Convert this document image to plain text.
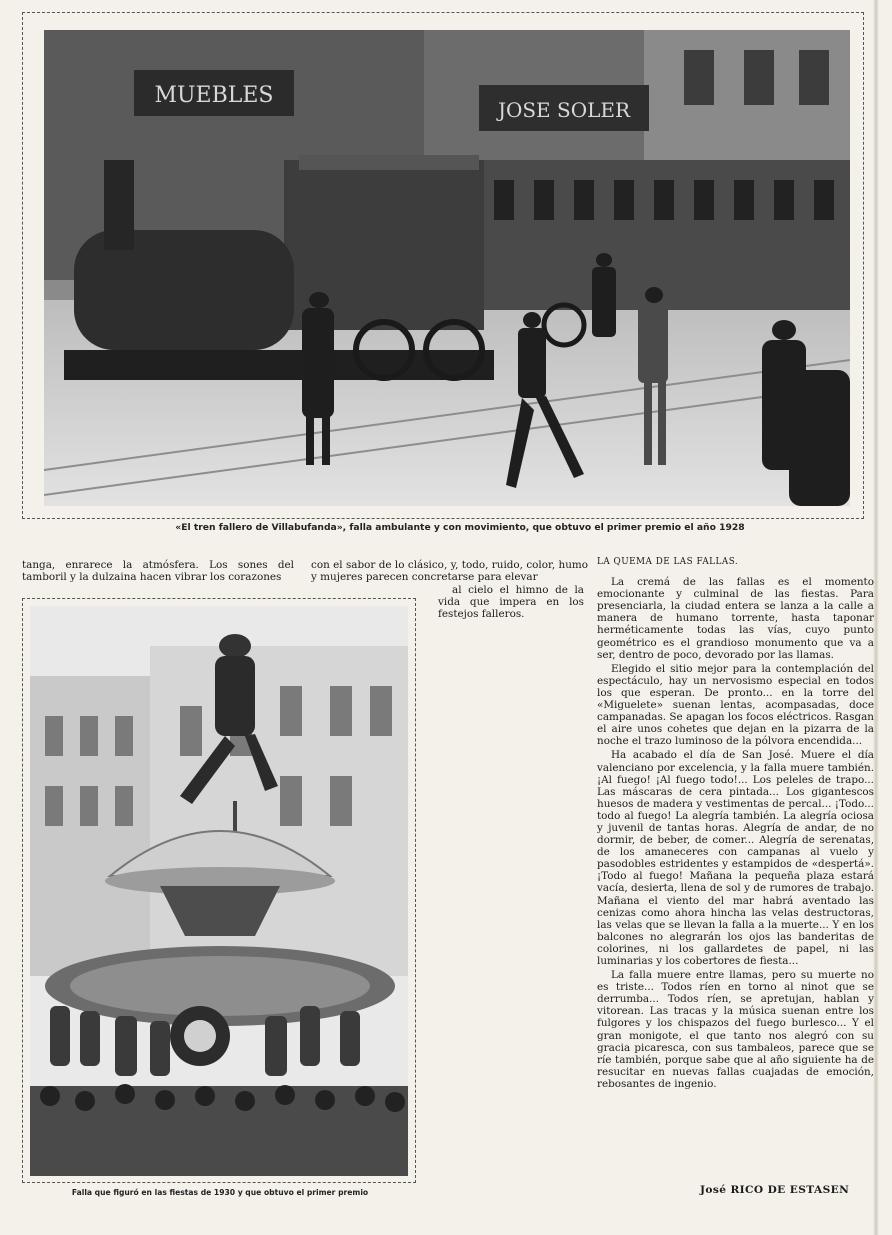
MUEBLES
JOSE SOLER
«El tren fallero de Villabufanda», falla ambulante y con movimiento, que obtuvo el primer premio el año 1928
tanga, enrarece la atmósfera. Los sones del tamboril y la dulzaina hacen vibrar los corazones
con el sabor de lo clásico, y, todo, ruido, color, humo y mujeres parecen concretarse para elevar
Falla que figuró en las fiestas de 1930 y que obtuvo el primer premio

al cielo el himno de la vida que impera en los festejos falleros.

LA QUEMA DE LAS FALLAS.

La cremá de las fallas es el momento emocionante y culminal de las fiestas. Para presenciarla, la ciudad entera se lanza a la calle a manera de humano torrente, hasta taponar herméticamente todas las vías, cuyo punto geométrico es el grandioso monumento que va a ser, dentro de poco, devorado por las llamas.

Elegido el sitio mejor para la contemplación del espectáculo, hay un nervosismo especial en todos los que esperan. De pronto... en la torre del «Miguelete» suenan lentas, acompasadas, doce campanadas. Se apagan los focos eléctricos. Rasgan el aire unos cohetes que dejan en la pizarra de la noche el trazo luminoso de la pólvora encendida...

Ha acabado el día de San José. Muere el día valenciano por excelencia, y la falla muere también. ¡Al fuego! ¡Al fuego todo!... Los peleles de trapo... Las máscaras de cera pintada... Los gigantescos huesos de madera y vestimentas de percal... ¡Todo... todo al fuego! La alegría también. La alegría ociosa y juvenil de tantas horas. Alegría de andar, de no dormir, de beber, de comer... Alegría de serenatas, de los amaneceres con campanas al vuelo y pasodobles estridentes y estampidos de «despertá». ¡Todo al fuego! Mañana la pequeña plaza estará vacía, desierta, llena de sol y de rumores de trabajo. Mañana el viento del mar habrá aventado las cenizas como ahora hincha las velas destructoras, las velas que se llevan la falla a la muerte... Y en los balcones no alegrarán los ojos las banderitas de colorines, ni los gallardetes de papel, ni las luminarias y los cobertores de fiesta...

La falla muere entre llamas, pero su muerte no es triste... Todos ríen en torno al ninot que se derrumba... Todos ríen, se apretujan, hablan y vitorean. Las tracas y la música suenan entre los fulgores y los chispazos del fuego burlesco... Y el gran monigote, el que tanto nos alegró con su gracia picaresca, con sus tambaleos, parece que se ríe también, porque sabe que al año siguiente ha de resucitar en nuevas fallas cuajadas de emoción, rebosantes de ingenio.

José RICO DE ESTASEN
